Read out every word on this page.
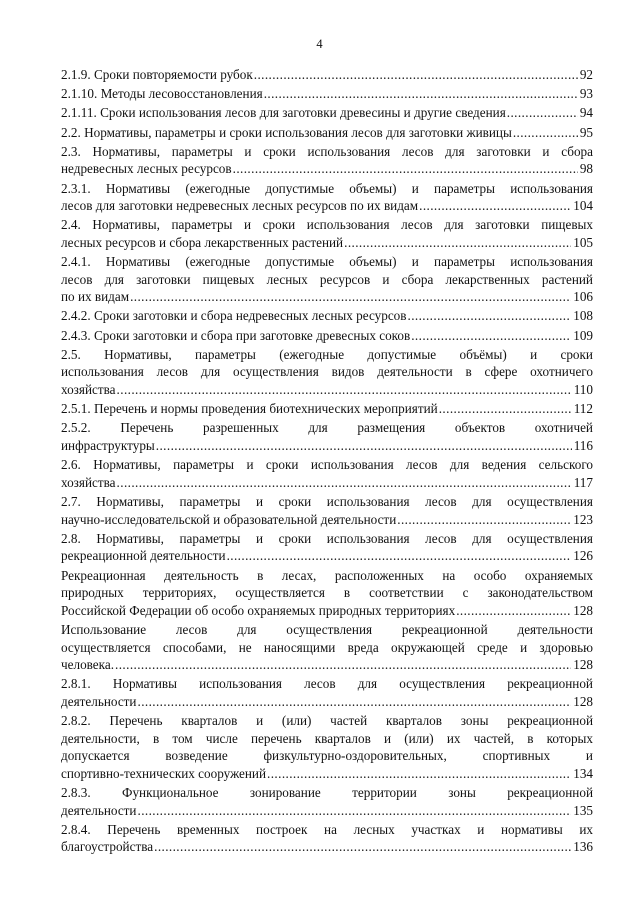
4
2.1.9. Сроки повторяемости рубок .....	92
2.1.10. Методы лесовосстановления .....	93
2.1.11. Сроки использования лесов для заготовки древесины и другие сведения .....	94
2.2. Нормативы, параметры и сроки использования лесов для заготовки живицы .....	95
2.3. Нормативы, параметры и сроки использования лесов для заготовки и сбора
недревесных лесных ресурсов .....	98
2.3.1. Нормативы (ежегодные допустимые объемы) и параметры использования
лесов для заготовки недревесных лесных ресурсов по их видам .....	104
2.4. Нормативы, параметры и сроки использования лесов для заготовки пищевых
лесных ресурсов и сбора лекарственных растений .....	105
2.4.1. Нормативы (ежегодные допустимые объемы) и параметры использования
лесов для заготовки пищевых лесных ресурсов и сбора лекарственных растений
по их видам .....	106
2.4.2. Сроки заготовки и сбора недревесных лесных ресурсов .....	108
2.4.3. Сроки заготовки и сбора при заготовке древесных соков .....	109
2.5. Нормативы, параметры (ежегодные допустимые объёмы) и сроки
использования лесов для осуществления видов деятельности в сфере охотничего
хозяйства .....	110
2.5.1. Перечень и нормы проведения биотехнических мероприятий .....	112
2.5.2. Перечень разрешенных для размещения объектов охотничей
инфраструктуры .....	116
2.6. Нормативы, параметры и сроки использования лесов для ведения сельского
хозяйства .....	117
2.7. Нормативы, параметры и сроки использования лесов для осуществления
научно-исследовательской и образовательной деятельности .....	123
2.8. Нормативы, параметры и сроки использования лесов для осуществления
рекреационной деятельности .....	126
Рекреационная деятельность в лесах, расположенных на особо охраняемых
природных территориях, осуществляется в соответствии с законодательством
Российской Федерации об особо охраняемых природных территориях .....	128
Использование лесов для осуществления рекреационной деятельности
осуществляется способами, не наносящими вреда окружающей среде и здоровью
человека. .....	128
2.8.1. Нормативы использования лесов для осуществления рекреационной
деятельности .....	128
2.8.2. Перечень кварталов и (или) частей кварталов зоны рекреационной
деятельности, в том числе перечень кварталов и (или) их частей, в которых
допускается возведение физкультурно-оздоровительных, спортивных и
спортивно-технических сооружений .....	134
2.8.3. Функциональное зонирование территории зоны рекреационной
деятельности .....	135
2.8.4. Перечень временных построек на лесных участках и нормативы их
благоустройства .....	136
